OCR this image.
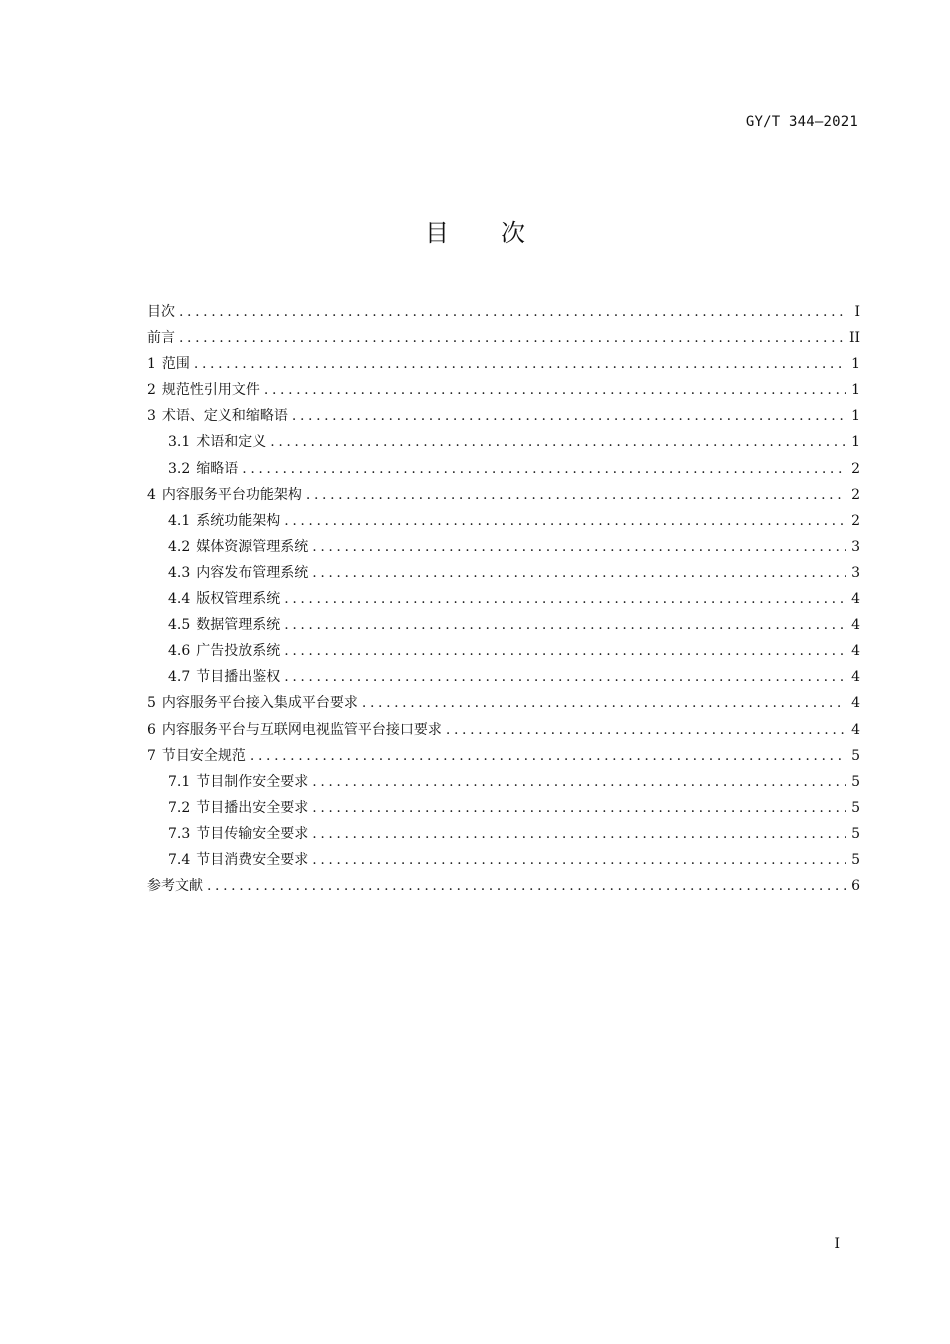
GY/T 344—2021
目 次
目次 .....	I
前言 .....	II
1 范围 .....	1
2 规范性引用文件 .....	1
3 术语、定义和缩略语 .....	1
3.1 术语和定义 .....	1
3.2 缩略语 .....	2
4 内容服务平台功能架构 .....	2
4.1 系统功能架构 .....	2
4.2 媒体资源管理系统 .....	3
4.3 内容发布管理系统 .....	3
4.4 版权管理系统 .....	4
4.5 数据管理系统 .....	4
4.6 广告投放系统 .....	4
4.7 节目播出鉴权 .....	4
5 内容服务平台接入集成平台要求 .....	4
6 内容服务平台与互联网电视监管平台接口要求 .....	4
7 节目安全规范 .....	5
7.1 节目制作安全要求 .....	5
7.2 节目播出安全要求 .....	5
7.3 节目传输安全要求 .....	5
7.4 节目消费安全要求 .....	5
参考文献 .....	6
I
